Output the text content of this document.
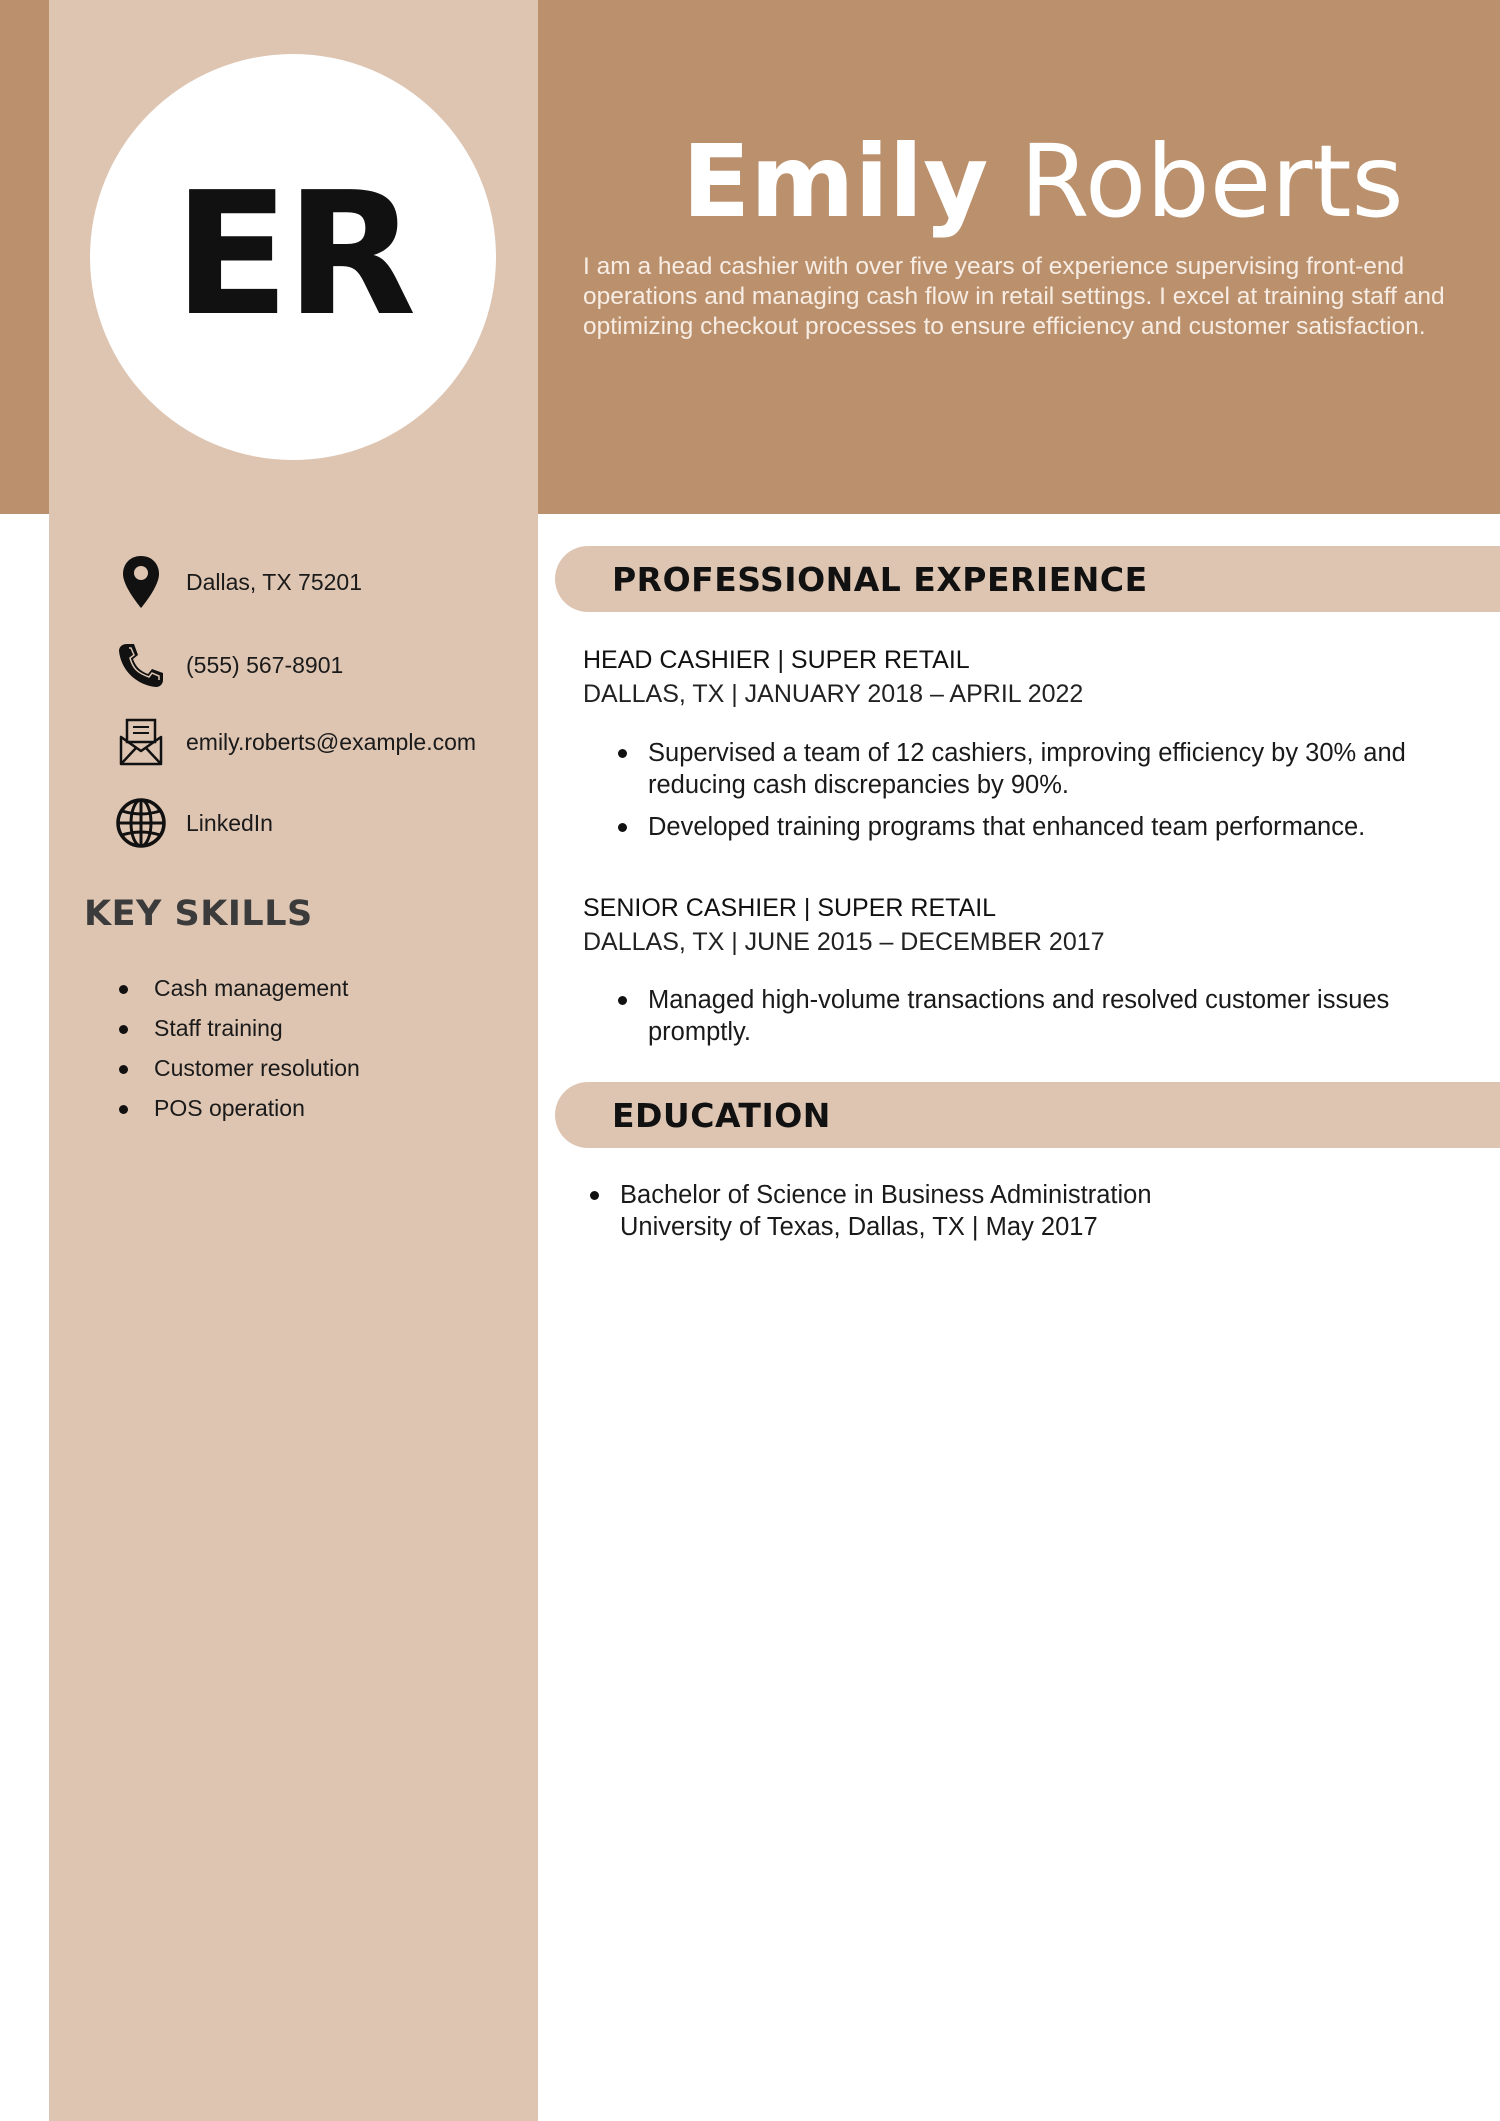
ER	Emily Roberts
I am a head cashier with over five years of experience supervising front-end operations and managing cash flow in retail settings. I excel at training staff and optimizing checkout processes to ensure efficiency and customer satisfaction.
Dallas, TX 75201
(555) 567-8901
emily.roberts@example.com
LinkedIn
KEY SKILLS
Cash management
Staff training
Customer resolution
POS operation
PROFESSIONAL EXPERIENCE
HEAD CASHIER | SUPER RETAIL
DALLAS, TX | JANUARY 2018 – APRIL 2022
Supervised a team of 12 cashiers, improving efficiency by 30% and reducing cash discrepancies by 90%.
Developed training programs that enhanced team performance.
SENIOR CASHIER | SUPER RETAIL
DALLAS, TX | JUNE 2015 – DECEMBER 2017
Managed high-volume transactions and resolved customer issues promptly.
EDUCATION
Bachelor of Science in Business Administration
University of Texas, Dallas, TX | May 2017
